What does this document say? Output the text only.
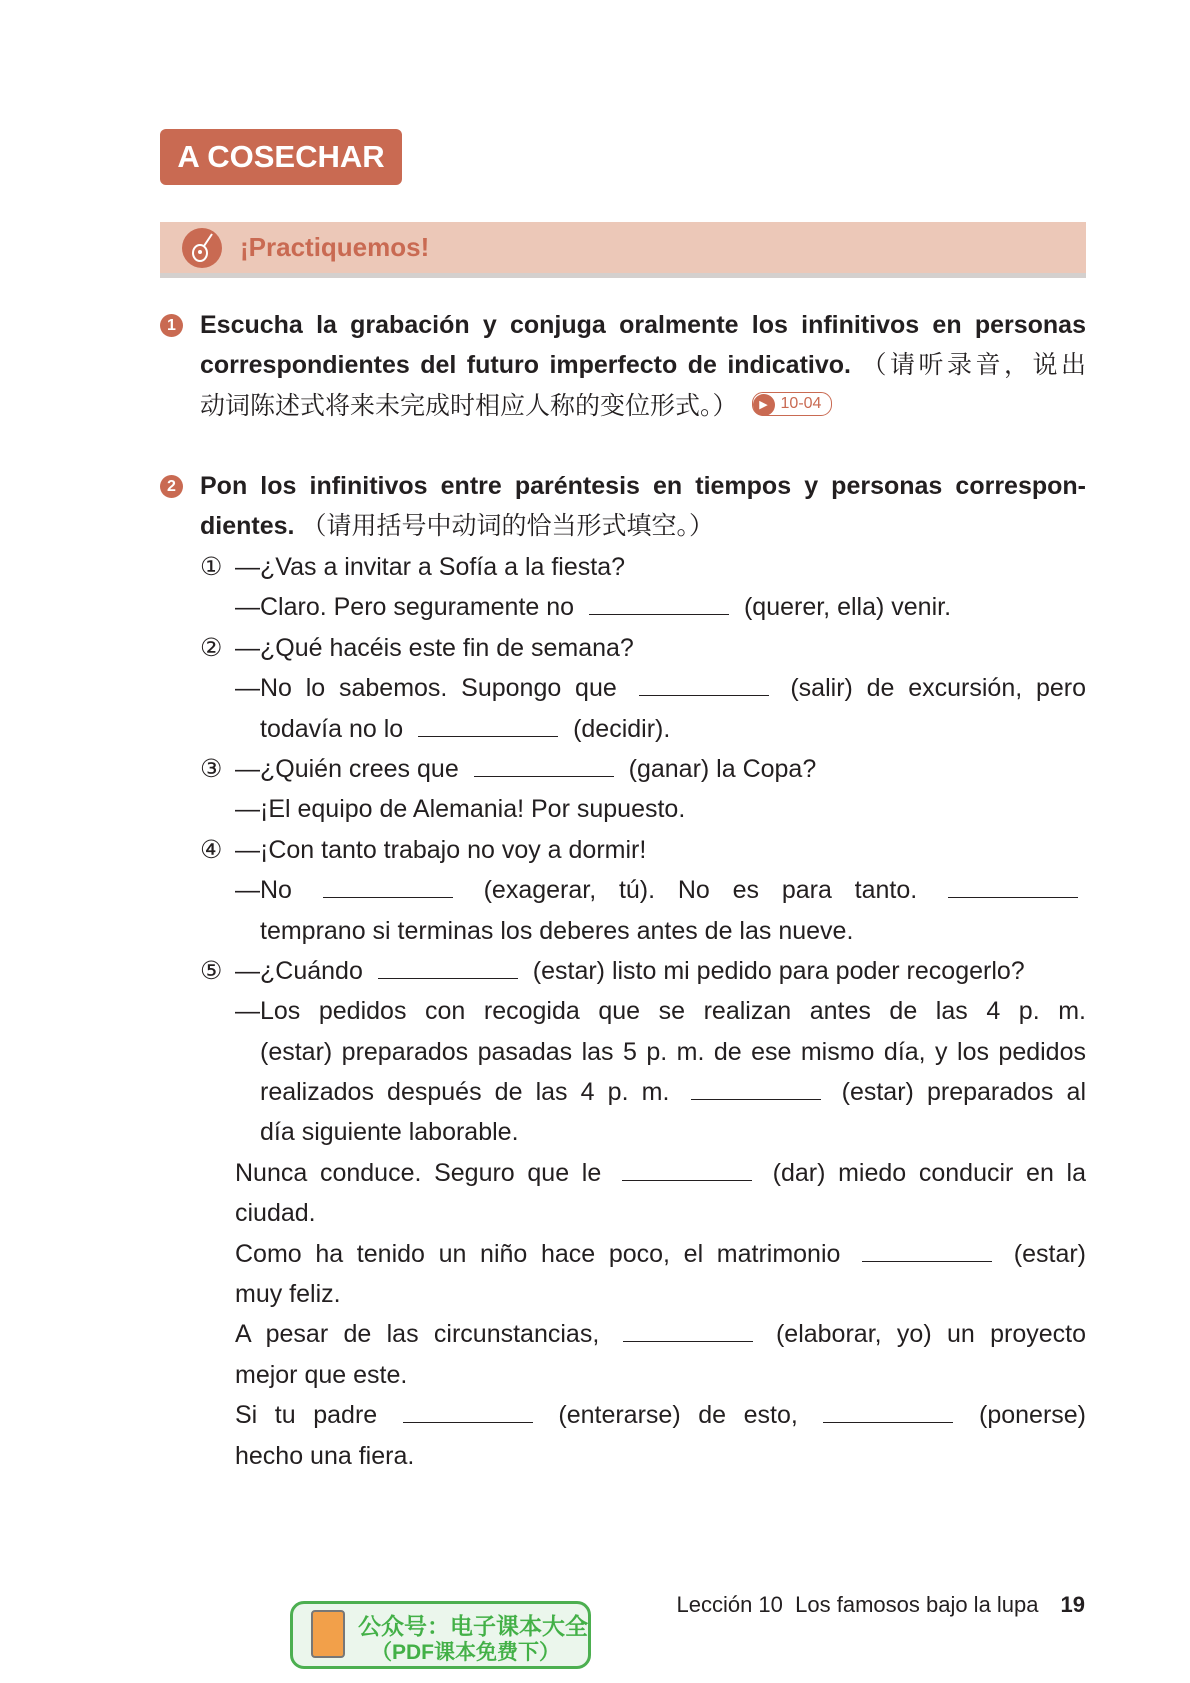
A COSECHAR
¡Practiquemos!
1 Escucha la grabación y conjuga oralmente los infinitivos en personas
correspondientes del futuro imperfecto de indicativo. （请听录音，说出
动词陈述式将来未完成时相应人称的变位形式。） ▶ 10-04
2 Pon los infinitivos entre paréntesis en tiempos y personas correspon-
dientes. （请用括号中动词的恰当形式填空。）
① —¿Vas a invitar a Sofía a la fiesta?
—Claro. Pero seguramente no	(querer, ella) venir.
② —¿Qué hacéis este fin de semana?
—No lo sabemos. Supongo que	(salir) de excursión, pero
todavía no lo	(decidir).
③ —¿Quién crees que	(ganar) la Copa?
—¡El equipo de Alemania! Por supuesto.
④ —¡Con tanto trabajo no voy a dormir!
—No	(exagerar, tú). No es para tanto.
temprano si terminas los deberes antes de las nueve.
⑤ —¿Cuándo	(estar) listo mi pedido para poder recogerlo?
—Los pedidos con recogida que se realizan antes de las 4 p. m.
(estar) preparados pasadas las 5 p. m. de ese mismo día, y los pedidos
realizados después de las 4 p. m.	(estar) preparados al
día siguiente laborable.
Nunca conduce. Seguro que le	(dar) miedo conducir en la
ciudad.
Como ha tenido un niño hace poco, el matrimonio	(estar)
muy feliz.
A pesar de las circunstancias,	(elaborar, yo) un proyecto
mejor que este.
Si tu padre	(enterarse) de esto,	(ponerse)
hecho una fiera.
Lección 10 Los famosos bajo la lupa 19
公众号：电子课本大全
（PDF课本免费下）
